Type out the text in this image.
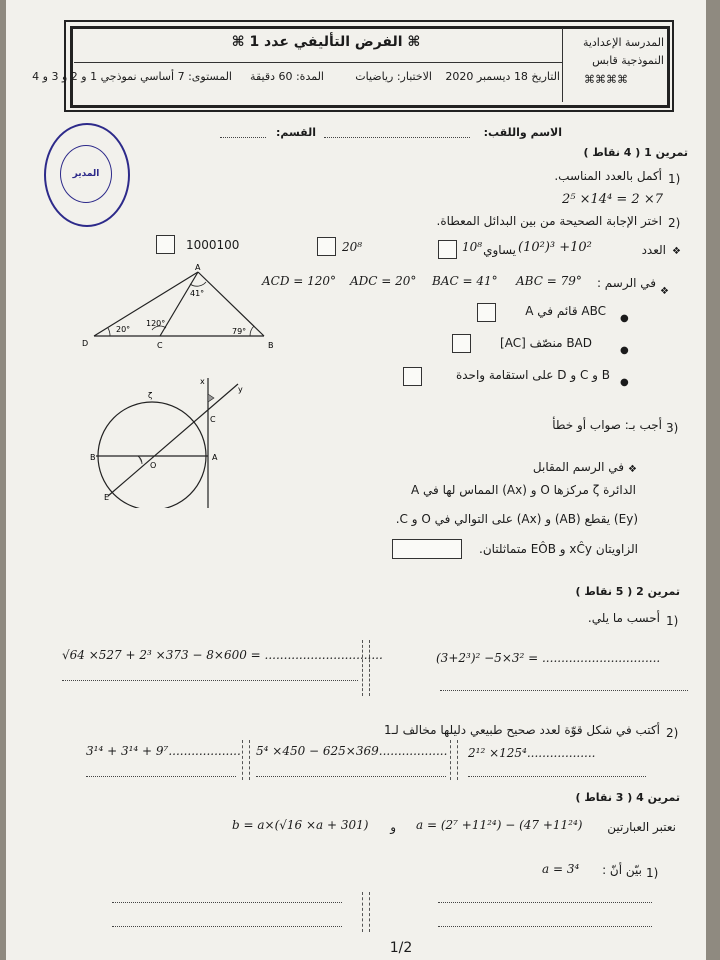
⌘ الفرض التأليفي عدد 1 ⌘	المدرسة الإعدادية
النموذجية قابس
⌘⌘⌘⌘
التاريخ 18 ديسمبر 2020
الاختبار: رياضيات
المدة: 60 دقيقة
المستوى: 7 أساسي نموذجي 1 و 2 و 3 و 4
المدير
الاسم واللقب:
القسم:
تمرين 1 ( 4 نقاط )
1)
أكمل بالعدد المناسب.
2⁵ ×14⁴ = 2 ×7
2)
اختر الإجابة الصحيحة من بين البدائل المعطاة.
❖
العدد
(10²)³ +10²
يساوي
10⁸
20⁸
1000100
❖
في الرسم :
ABC = 79°
BAC = 41°
ADC = 20°
ACD = 120°
A
B
C
D
41°
20°
120°
79°
●
ABC قائم في A
●
BAD منصّف [AC]
●
B و C و D على استقامة واحدة
x
y
ζ
B
O
A
C
E
3)
أجب بـ: صواب أو خطأ
❖
في الرسم المقابل
الدائرة ζ مركزها O و (Ax) المماس لها في A
(Ey) يقطع (AB) و (Ax) على التوالي في O و C.
الزاويتان xĈy و EÔB متماثلتان.
تمرين 2 ( 5 نقاط )
1)
أحسب ما يلي.
(3+2³)² −5×3² = ...............................
√64 ×527 + 2³ ×373 − 8×600 = ...............................
2)
أكتب في شكل قوّة لعدد صحيح طبيعي دليلها مخالف لـ1
2¹² ×125⁴..................
5⁴ ×450 − 625×369..................
3¹⁴ + 3¹⁴ + 9⁷...................
تمرين 4 ( 3 نقاط )
نعتبر العبارتين
a = (2⁷ +11²⁴) − (47 +11²⁴)
و
b = a×(√16 ×a + 301)
1)
بيّن أنّ :
a = 3⁴
1/2
